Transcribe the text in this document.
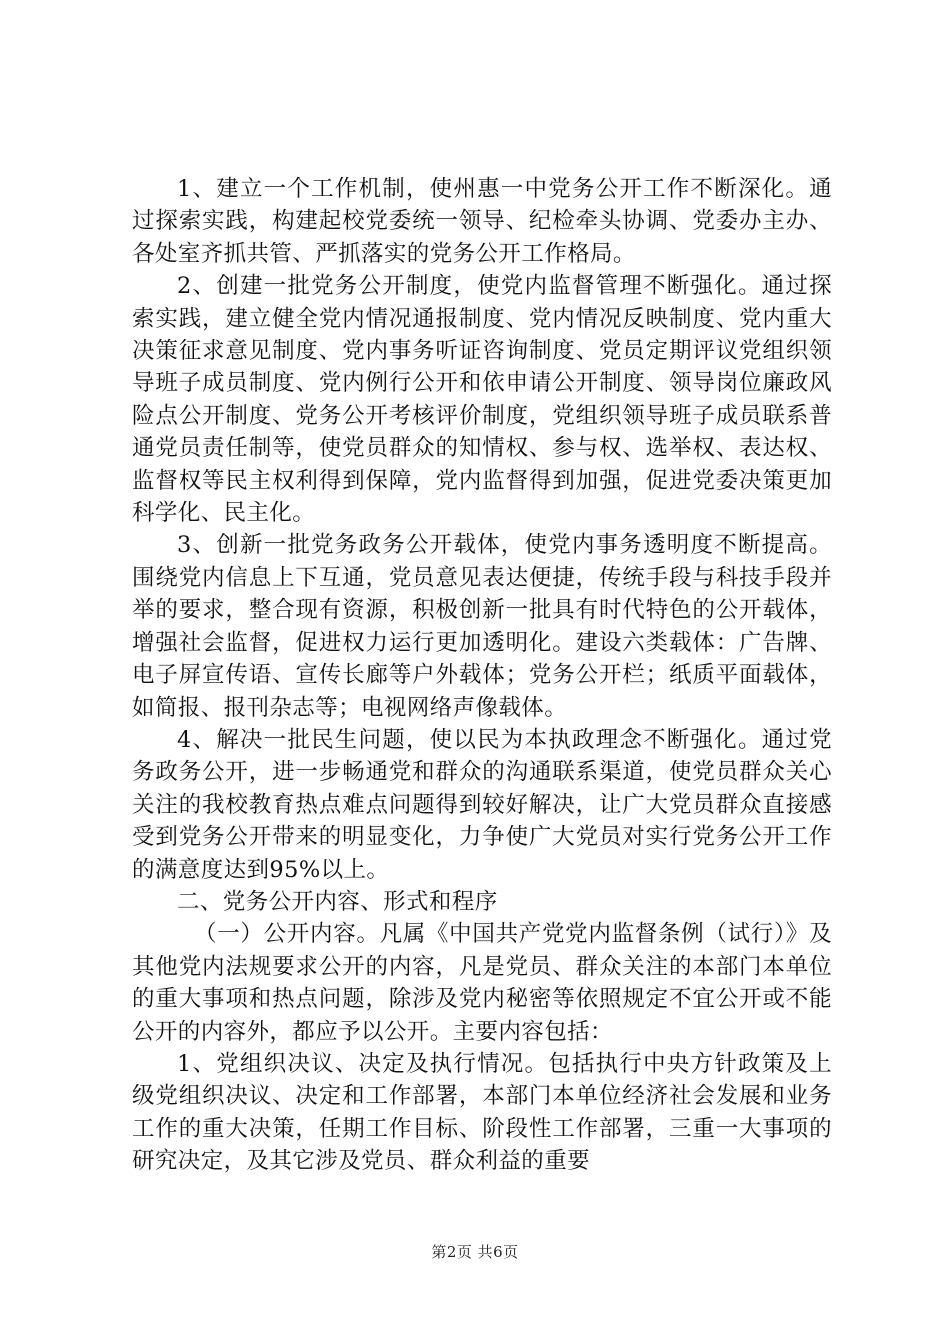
1、建立一个工作机制，使州惠一中党务公开工作不断深化。通过探索实践，构建起校党委统一领导、纪检牵头协调、党委办主办、各处室齐抓共管、严抓落实的党务公开工作格局。

2、创建一批党务公开制度，使党内监督管理不断强化。通过探索实践，建立健全党内情况通报制度、党内情况反映制度、党内重大决策征求意见制度、党内事务听证咨询制度、党员定期评议党组织领导班子成员制度、党内例行公开和依申请公开制度、领导岗位廉政风险点公开制度、党务公开考核评价制度，党组织领导班子成员联系普通党员责任制等，使党员群众的知情权、参与权、选举权、表达权、监督权等民主权利得到保障，党内监督得到加强，促进党委决策更加科学化、民主化。

3、创新一批党务政务公开载体，使党内事务透明度不断提高。围绕党内信息上下互通，党员意见表达便捷，传统手段与科技手段并举的要求，整合现有资源，积极创新一批具有时代特色的公开载体，增强社会监督，促进权力运行更加透明化。建设六类载体：广告牌、电子屏宣传语、宣传长廊等户外载体；党务公开栏；纸质平面载体，如简报、报刊杂志等；电视网络声像载体。

4、解决一批民生问题，使以民为本执政理念不断强化。通过党务政务公开，进一步畅通党和群众的沟通联系渠道，使党员群众关心关注的我校教育热点难点问题得到较好解决，让广大党员群众直接感受到党务公开带来的明显变化，力争使广大党员对实行党务公开工作的满意度达到95%以上。

二、党务公开内容、形式和程序

（一）公开内容。凡属《中国共产党党内监督条例（试行）》及其他党内法规要求公开的内容，凡是党员、群众关注的本部门本单位的重大事项和热点问题，除涉及党内秘密等依照规定不宜公开或不能公开的内容外，都应予以公开。主要内容包括：

1、党组织决议、决定及执行情况。包括执行中央方针政策及上级党组织决议、决定和工作部署，本部门本单位经济社会发展和业务工作的重大决策，任期工作目标、阶段性工作部署，三重一大事项的研究决定，及其它涉及党员、群众利益的重要

第2页 共6页
